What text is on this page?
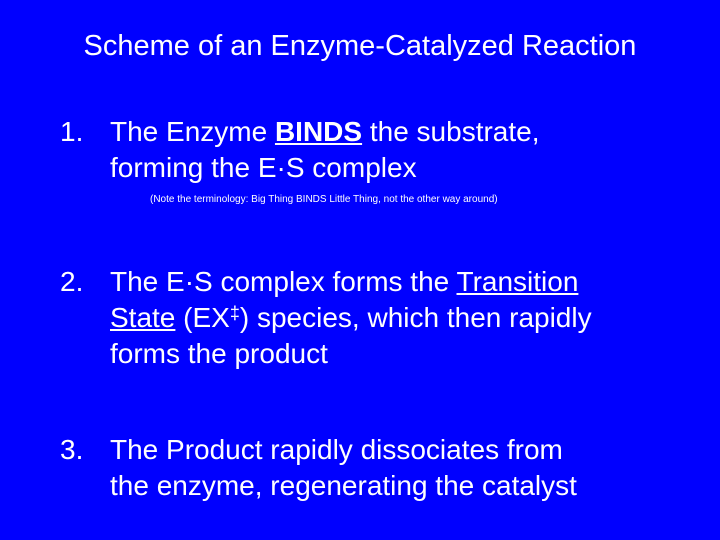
Scheme of an Enzyme-Catalyzed Reaction
1. The Enzyme BINDS the substrate,
forming the E·S complex
(Note the terminology: Big Thing BINDS Little Thing, not the other way around)
2. The E·S complex forms the Transition
State (EX‡) species, which then rapidly
forms the product
3. The Product rapidly dissociates from
the enzyme, regenerating the catalyst
